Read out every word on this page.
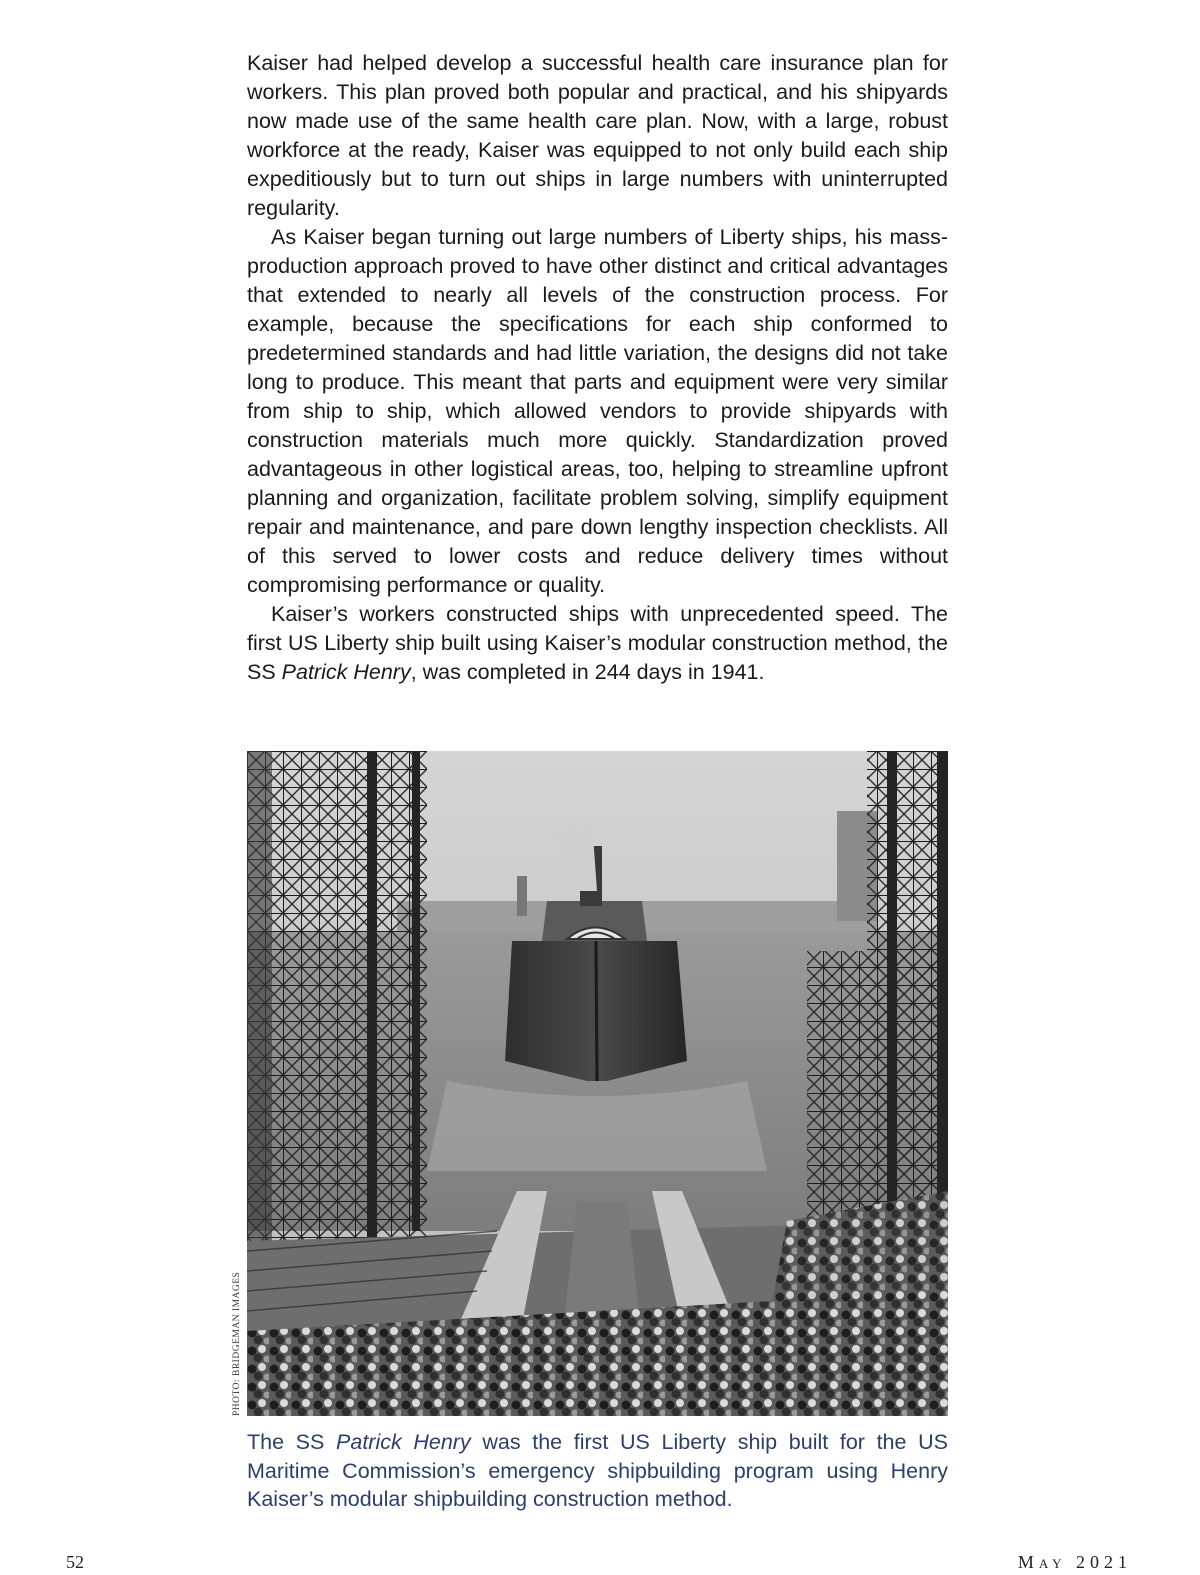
Kaiser had helped develop a successful health care insurance plan for workers. This plan proved both popular and practical, and his shipyards now made use of the same health care plan. Now, with a large, robust workforce at the ready, Kaiser was equipped to not only build each ship expeditiously but to turn out ships in large numbers with uninterrupted regularity.

As Kaiser began turning out large numbers of Liberty ships, his mass-production approach proved to have other distinct and critical advantages that extended to nearly all levels of the construction process. For example, because the specifications for each ship conformed to predetermined standards and had little variation, the designs did not take long to produce. This meant that parts and equipment were very similar from ship to ship, which allowed vendors to provide shipyards with construction materials much more quickly. Standardization proved advantageous in other logistical areas, too, helping to streamline upfront planning and organization, facilitate problem solving, simplify equipment repair and maintenance, and pare down lengthy inspection checklists. All of this served to lower costs and reduce delivery times without compromising performance or quality.

Kaiser’s workers constructed ships with unprecedented speed. The first US Liberty ship built using Kaiser’s modular construction method, the SS Patrick Henry, was completed in 244 days in 1941.

PHOTO: BRIDGEMAN IMAGES

The SS Patrick Henry was the first US Liberty ship built for the US Maritime Commission’s emergency shipbuilding program using Henry Kaiser’s modular shipbuilding construction method.

52	May 2021
